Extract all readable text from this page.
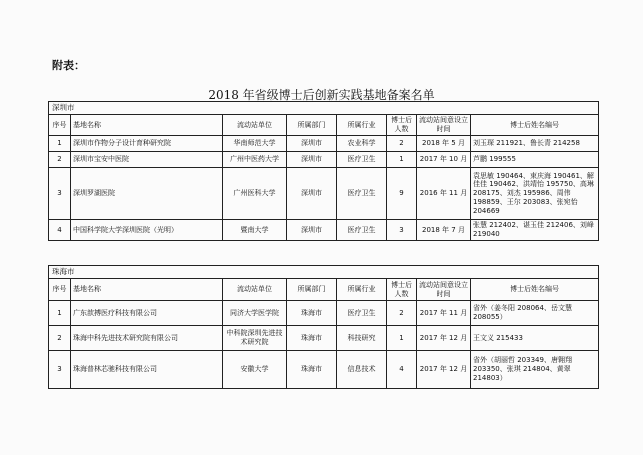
附表：
2018 年省级博士后创新实践基地备案名单
深圳市							
序号	基地名称	流动站单位	所属部门	所属行业	博士后人数	流动站间意设立时间	博士后姓名编号
1	深圳市作物分子设计育种研究院	华南师范大学	深圳市	农业科学	2	2018 年 5 月	刘玉琛 211921、鲁长青 214258
2	深圳市宝安中医院	广州中医药大学	深圳市	医疗卫生	1	2017 年 10 月	芦鹏 199555
3	深圳罗湖医院	广州医科大学	深圳市	医疗卫生	9	2016 年 11 月	袁思敏 190464、束庆海 190461、解佳佳 190462、洪靖怡 195750、高琳 208175、刘杰 195986、周伟 198859、王尔 203083、张宛怡 204669
4	中国科学院大学深圳医院（光明）	暨南大学	深圳市	医疗卫生	3	2018 年 7 月	张慧 212402、谌玉佳 212406、刘峰 219040
珠海市							
序号	基地名称	流动站单位	所属部门	所属行业	博士后人数	流动站间意设立时间	博士后姓名编号
1	广东歆搏医疗科技有限公司	同济大学医学院	珠海市	医疗卫生	2	2017 年 11 月	省外（姜冬阳 208064、岳文慧 208055）
2	珠海中科先进技术研究院有限公司	中科院深圳先进技术研究院	珠海市	科技研究	1	2017 年 12 月	王文义 215433
3	珠海普林芯驰科技有限公司	安徽大学	珠海市	信息技术	4	2017 年 12 月	省外（胡丽哲 203349、唐翱翔 203350、张琪 214804、黄翠 214803）
